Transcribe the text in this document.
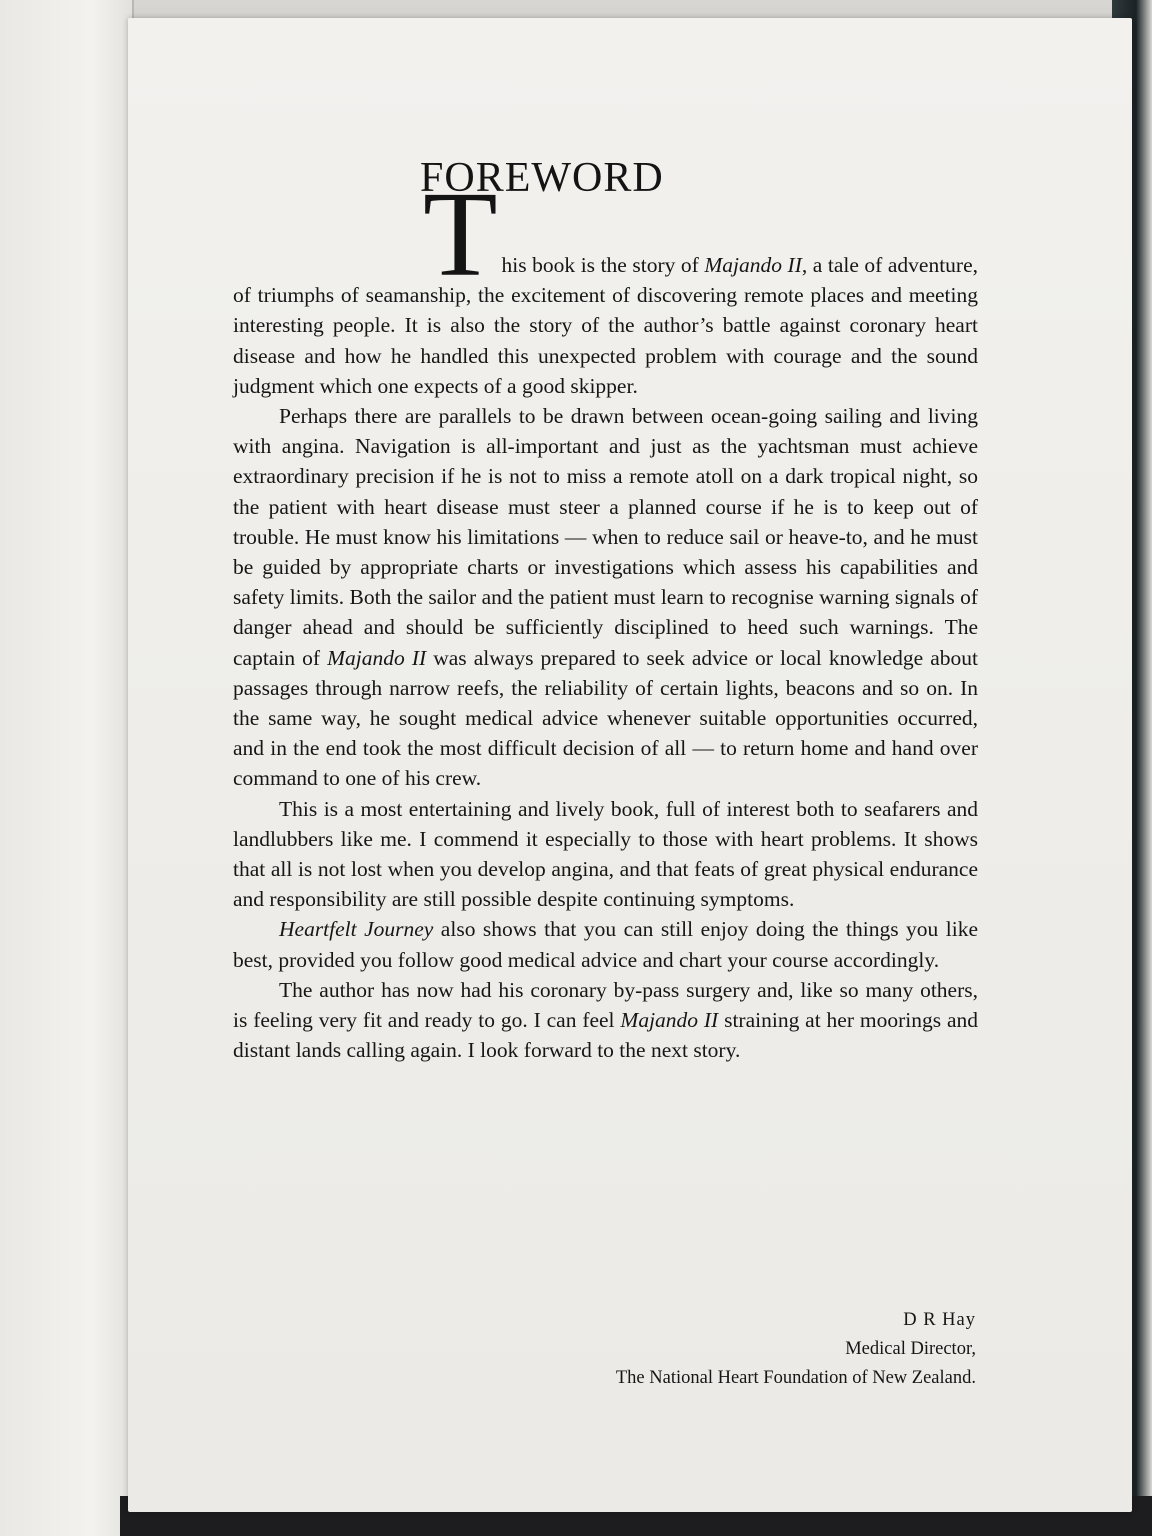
FOREWORD

This book is the story of Majando II, a tale of adventure, of triumphs of seamanship, the excitement of discovering remote places and meeting interesting people. It is also the story of the author’s battle against coronary heart disease and how he handled this unexpected problem with courage and the sound judgment which one expects of a good skipper.

Perhaps there are parallels to be drawn between ocean-going sailing and living with angina. Navigation is all-important and just as the yachtsman must achieve extraordinary precision if he is not to miss a remote atoll on a dark tropical night, so the patient with heart disease must steer a planned course if he is to keep out of trouble. He must know his limitations — when to reduce sail or heave-to, and he must be guided by appropriate charts or investigations which assess his capabilities and safety limits. Both the sailor and the patient must learn to recognise warning signals of danger ahead and should be sufficiently disciplined to heed such warnings. The captain of Majando II was always prepared to seek advice or local knowledge about passages through narrow reefs, the reliability of certain lights, beacons and so on. In the same way, he sought medical advice whenever suitable opportunities occurred, and in the end took the most difficult decision of all — to return home and hand over command to one of his crew.

This is a most entertaining and lively book, full of interest both to seafarers and landlubbers like me. I commend it especially to those with heart problems. It shows that all is not lost when you develop angina, and that feats of great physical endurance and responsibility are still possible despite continuing symptoms.

Heartfelt Journey also shows that you can still enjoy doing the things you like best, provided you follow good medical advice and chart your course accordingly.

The author has now had his coronary by-pass surgery and, like so many others, is feeling very fit and ready to go. I can feel Majando II straining at her moorings and distant lands calling again. I look forward to the next story.

D R Hay
Medical Director,
The National Heart Foundation of New Zealand.
